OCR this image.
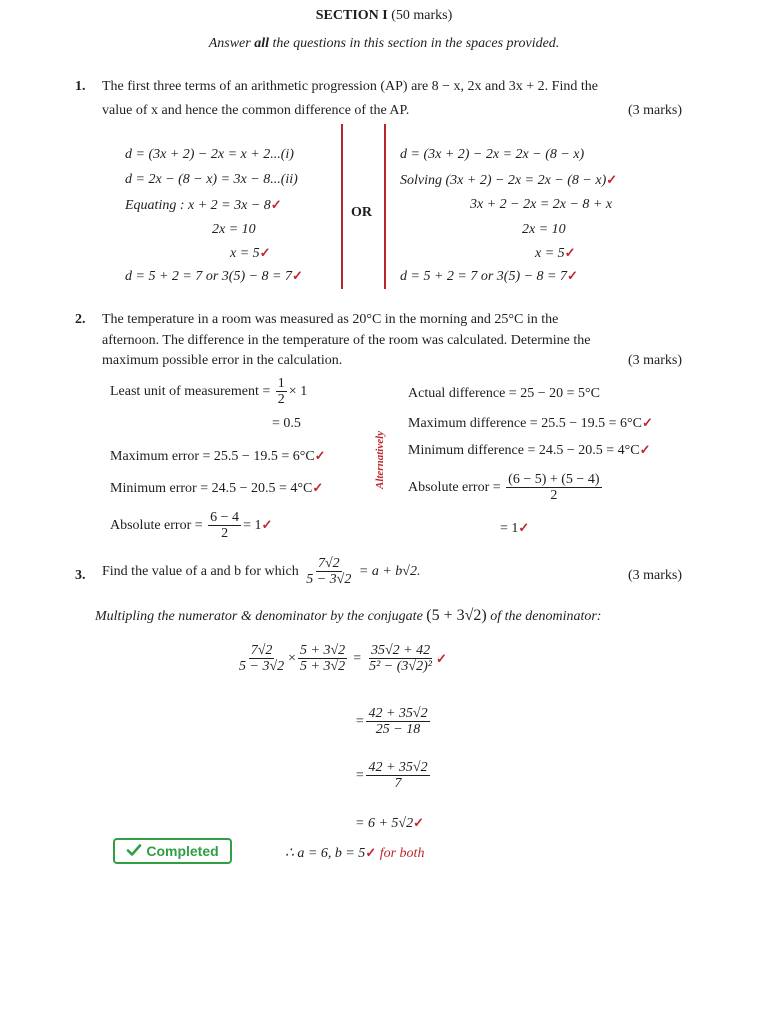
SECTION I (50 marks)
Answer all the questions in this section in the spaces provided.
1. The first three terms of an arithmetic progression (AP) are 8 − x, 2x and 3x + 2. Find the
value of x and hence the common difference of the AP.	(3 marks)
d = (3x + 2) − 2x = x + 2...(i)
d = 2x − (8 − x) = 3x − 8...(ii)
Equating : x + 2 = 3x − 8✓
2x = 10
x = 5✓
d = 5 + 2 = 7 or 3(5) − 8 = 7✓
OR
d = (3x + 2) − 2x = 2x − (8 − x)
Solving (3x + 2) − 2x = 2x − (8 − x)✓
3x + 2 − 2x = 2x − 8 + x
2x = 10
x = 5✓
d = 5 + 2 = 7 or 3(5) − 8 = 7✓
2. The temperature in a room was measured as 20°C in the morning and 25°C in the
afternoon. The difference in the temperature of the room was calculated. Determine the
maximum possible error in the calculation.	(3 marks)
Least unit of measurement = $\frac{1}{2} \times 1$
= 0.5
Maximum error = 25.5 − 19.5 = 6°C✓
Minimum error = 24.5 − 20.5 = 4°C✓
Absolute error = $\frac{6 - 4}{2}$ = 1✓
Alternatively
Actual difference = 25 − 20 = 5°C
Maximum difference = 25.5 − 19.5 = 6°C✓
Minimum difference = 24.5 − 20.5 = 4°C✓
Absolute error = $\frac{(6 - 5) + (5 - 4)}{2}$
= 1✓
3. Find the value of a and b for which $\frac{7√2}{5 - 3√2} = a + b√2$.	(3 marks)
Multipling the numerator & denominator by the conjugate (5 + 3√2) of the denominator:
$\frac{7√2}{5 - 3√2} \times \frac{5 + 3√2}{5 + 3√2} = \frac{35√2 + 42}{\text{5² − (3√2)²}}$ ✓
= $\frac{42 + 35√2}{25 - 18}$
= $\frac{42 + 35√2}{7}$
= 6 + 5√2✓
∴ a = 6, b = 5✓ for both
Completed
